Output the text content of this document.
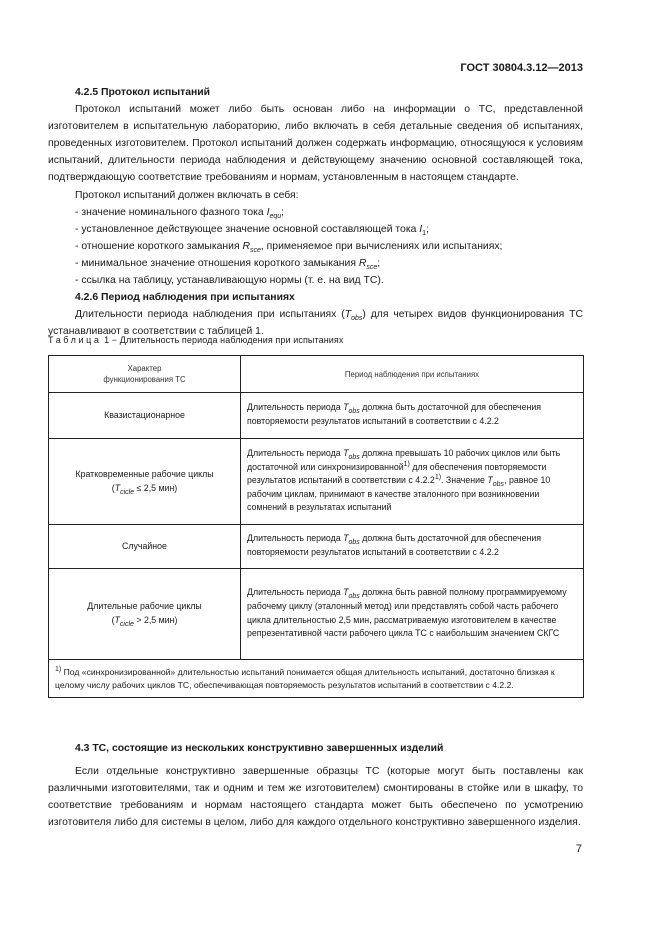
ГОСТ 30804.3.12—2013

4.2.5 Протокол испытаний

Протокол испытаний может либо быть основан либо на информации о ТС, представленной изготовителем в испытательную лабораторию, либо включать в себя детальные сведения об испытаниях, проведенных изготовителем. Протокол испытаний должен содержать информацию, относящуюся к условиям испытаний, длительности периода наблюдения и действующему значению основной составляющей тока, подтверждающую соответствие требованиям и нормам, установленным в настоящем стандарте.

Протокол испытаний должен включать в себя:

- значение номинального фазного тока $I_{equ}$;
- установленное действующее значение основной составляющей тока $I_1$;
- отношение короткого замыкания $R_{sce}$, применяемое при вычислениях или испытаниях;
- минимальное значение отношения короткого замыкания $R_{sce}$;
- ссылка на таблицу, устанавливающую нормы (т. е. на вид ТС).

4.2.6 Период наблюдения при испытаниях

Длительности периода наблюдения при испытаниях $(T_{obs})$ для четырех видов функционирования ТС устанавливают в соответствии с таблицей 1.

Таблица 1 − Длительность периода наблюдения при испытаниях
Характер
функционирования ТС	Период наблюдения при испытаниях
Квазистационарное	Длительность периода $T_{obs}$ должна быть достаточной для обеспечения повторяемости результатов испытаний в соответствии с 4.2.2
Кратковременные рабочие циклы
($T_{cicle} \le 2,5$ мин)	Длительность периода $T_{obs}$ должна превышать 10 рабочих циклов или быть достаточной или синхронизированной$^{1)}$ для обеспечения повторяемости результатов испытаний в соответствии с 4.2.2$^{1)}$. Значение $T_{obs}$, равное 10 рабочим циклам, принимают в качестве эталонного при возникновении сомнений в результатах испытаний
Случайное	Длительность периода $T_{obs}$ должна быть достаточной для обеспечения повторяемости результатов испытаний в соответствии с 4.2.2
Длительные рабочие циклы
($T_{cicle} > 2,5$ мин)	Длительность периода $T_{obs}$ должна быть равной полному программируемому рабочему циклу (эталонный метод) или представлять собой часть рабочего цикла длительностью 2,5 мин, рассматриваемую изготовителем в качестве репрезентативной части рабочего цикла ТС с наибольшим значением СКГС
$^{1)}$ Под «синхронизированной» длительностью испытаний понимается общая длительность испытаний, достаточно близкая к целому числу рабочих циклов ТС, обеспечивающая повторяемость результатов испытаний в соответствии с 4.2.2.	

4.3 ТС, состоящие из нескольких конструктивно завершенных изделий

Если отдельные конструктивно завершенные образцы ТС (которые могут быть поставлены как различными изготовителями, так и одним и тем же изготовителем) смонтированы в стойке или в шкафу, то соответствие требованиям и нормам настоящего стандарта может быть обеспечено по усмотрению изготовителя либо для системы в целом, либо для каждого отдельного конструктивно завершенного изделия.

7
